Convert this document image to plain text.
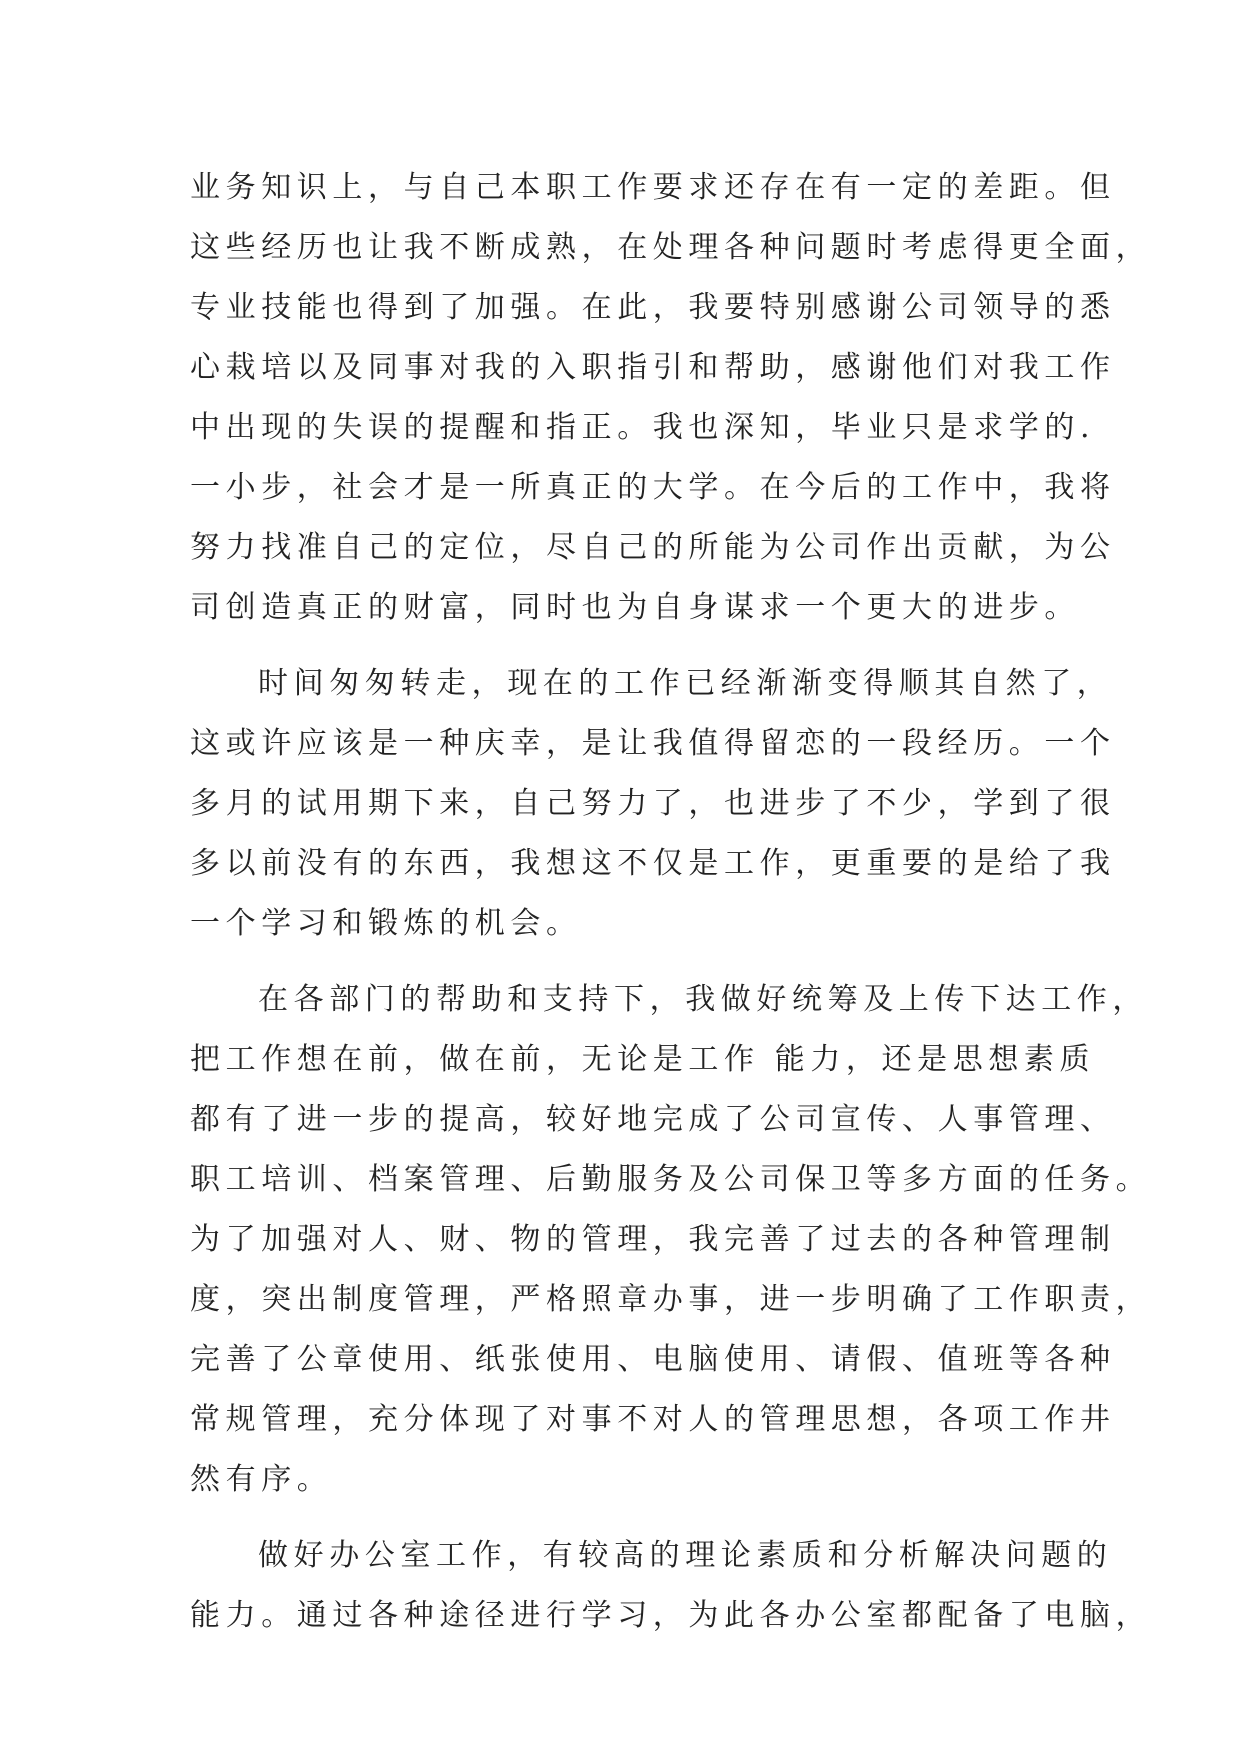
业务知识上，与自己本职工作要求还存在有一定的差距。但
这些经历也让我不断成熟，在处理各种问题时考虑得更全面，
专业技能也得到了加强。在此，我要特别感谢公司领导的悉
心栽培以及同事对我的入职指引和帮助，感谢他们对我工作
中出现的失误的提醒和指正。我也深知，毕业只是求学的.
一小步，社会才是一所真正的大学。在今后的工作中，我将
努力找准自己的定位，尽自己的所能为公司作出贡献，为公
司创造真正的财富，同时也为自身谋求一个更大的进步。
时间匆匆转走，现在的工作已经渐渐变得顺其自然了，
这或许应该是一种庆幸，是让我值得留恋的一段经历。一个
多月的试用期下来，自己努力了，也进步了不少，学到了很
多以前没有的东西，我想这不仅是工作，更重要的是给了我
一个学习和锻炼的机会。
在各部门的帮助和支持下，我做好统筹及上传下达工作，
把工作想在前，做在前，无论是工作 能力，还是思想素质
都有了进一步的提高，较好地完成了公司宣传、人事管理、
职工培训、档案管理、后勤服务及公司保卫等多方面的任务。
为了加强对人、财、物的管理，我完善了过去的各种管理制
度，突出制度管理，严格照章办事，进一步明确了工作职责，
完善了公章使用、纸张使用、电脑使用、请假、值班等各种
常规管理，充分体现了对事不对人的管理思想，各项工作井
然有序。
做好办公室工作，有较高的理论素质和分析解决问题的
能力。通过各种途径进行学习，为此各办公室都配备了电脑，
